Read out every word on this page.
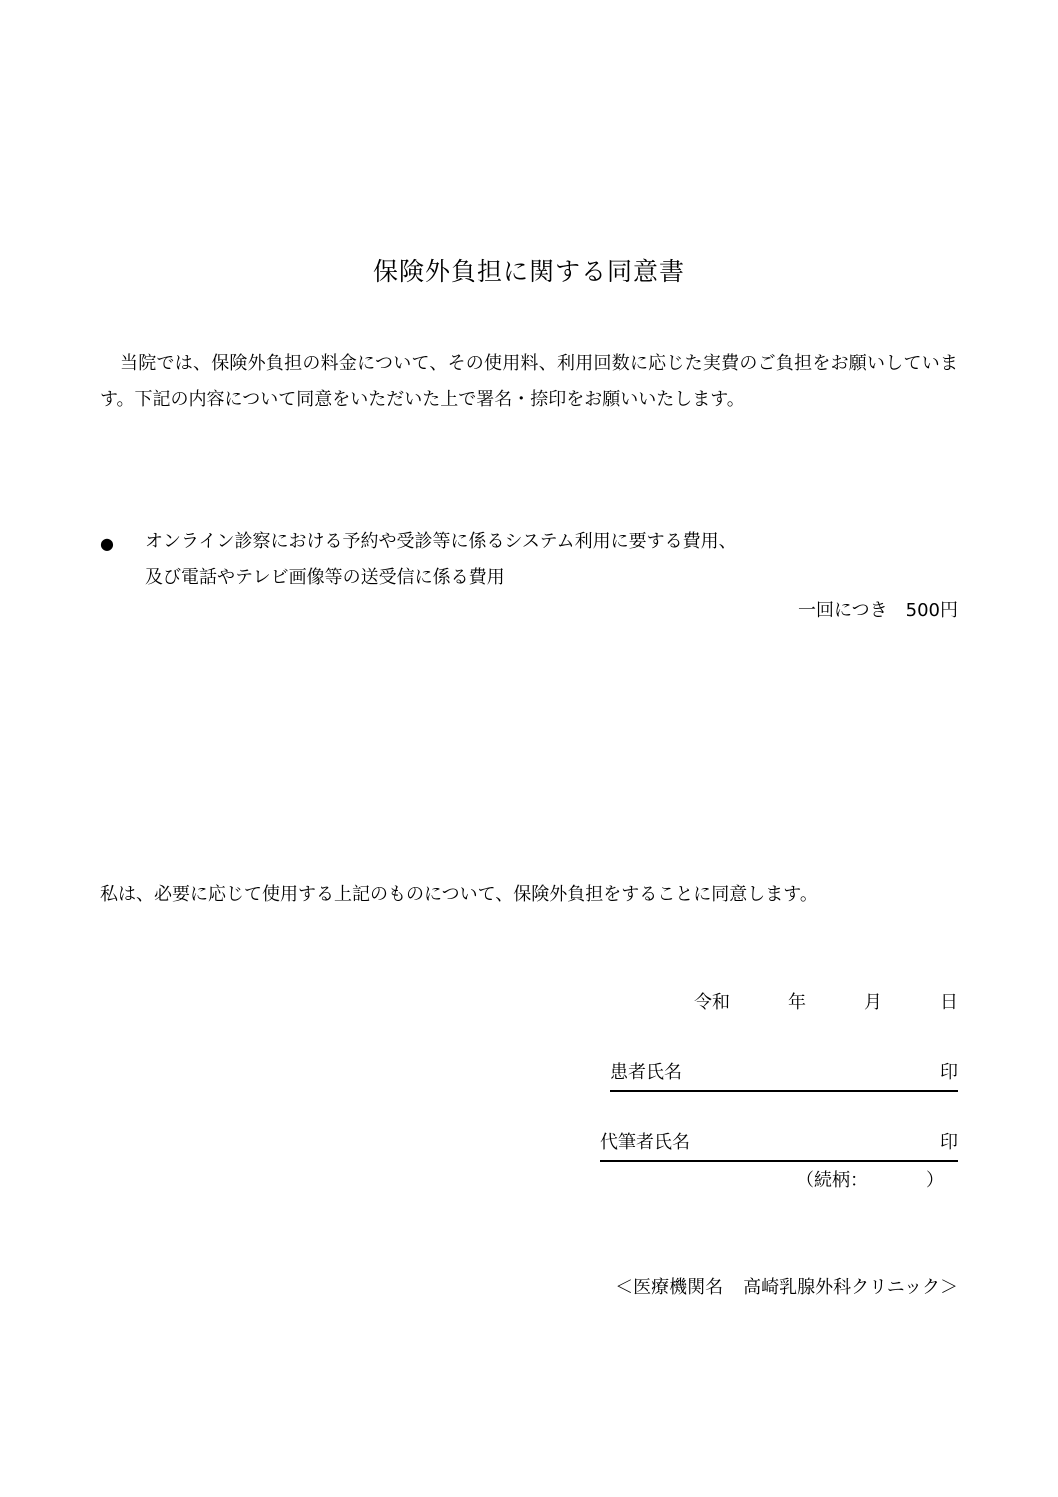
保険外負担に関する同意書

当院では、保険外負担の料金について、その使用料、利用回数に応じた実費のご負担をお願いしています。下記の内容について同意をいただいた上で署名・捺印をお願いいたします。

● オンライン診察における予約や受診等に係るシステム利用に要する費用、
及び電話やテレビ画像等の送受信に係る費用
一回につき　500円
私は、必要に応じて使用する上記のものについて、保険外負担をすることに同意します。
令和	年	月	日
患者氏名	印
代筆者氏名	印
（続柄：	）
＜医療機関名 高崎乳腺外科クリニック＞
